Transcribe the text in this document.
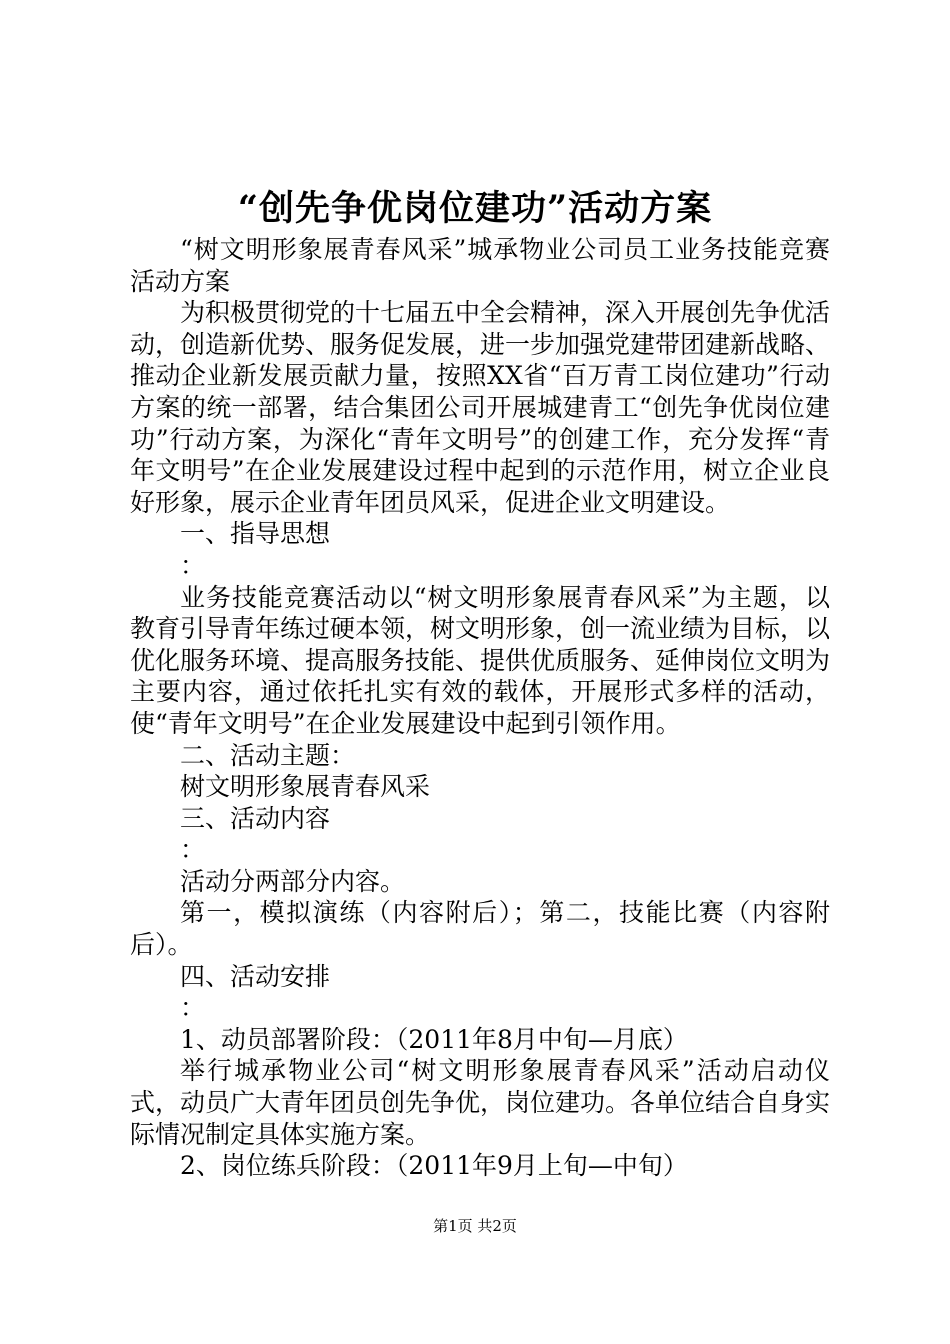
“创先争优岗位建功”活动方案

“树文明形象展青春风采”城承物业公司员工业务技能竞赛活动方案

为积极贯彻党的十七届五中全会精神，深入开展创先争优活动，创造新优势、服务促发展，进一步加强党建带团建新战略、推动企业新发展贡献力量，按照XX省“百万青工岗位建功”行动方案的统一部署，结合集团公司开展城建青工“创先争优岗位建功”行动方案，为深化“青年文明号”的创建工作，充分发挥“青年文明号”在企业发展建设过程中起到的示范作用，树立企业良好形象，展示企业青年团员风采，促进企业文明建设。

一、指导思想

：

业务技能竞赛活动以“树文明形象展青春风采”为主题，以教育引导青年练过硬本领，树文明形象，创一流业绩为目标，以优化服务环境、提高服务技能、提供优质服务、延伸岗位文明为主要内容，通过依托扎实有效的载体，开展形式多样的活动，使“青年文明号”在企业发展建设中起到引领作用。

二、活动主题：

树文明形象展青春风采

三、活动内容

：

活动分两部分内容。

第一，模拟演练（内容附后）；第二，技能比赛（内容附后）。

四、活动安排

：

1、动员部署阶段：（2011年8月中旬—月底）

举行城承物业公司“树文明形象展青春风采”活动启动仪式，动员广大青年团员创先争优，岗位建功。各单位结合自身实际情况制定具体实施方案。

2、岗位练兵阶段：（2011年9月上旬—中旬）

第1页 共2页
